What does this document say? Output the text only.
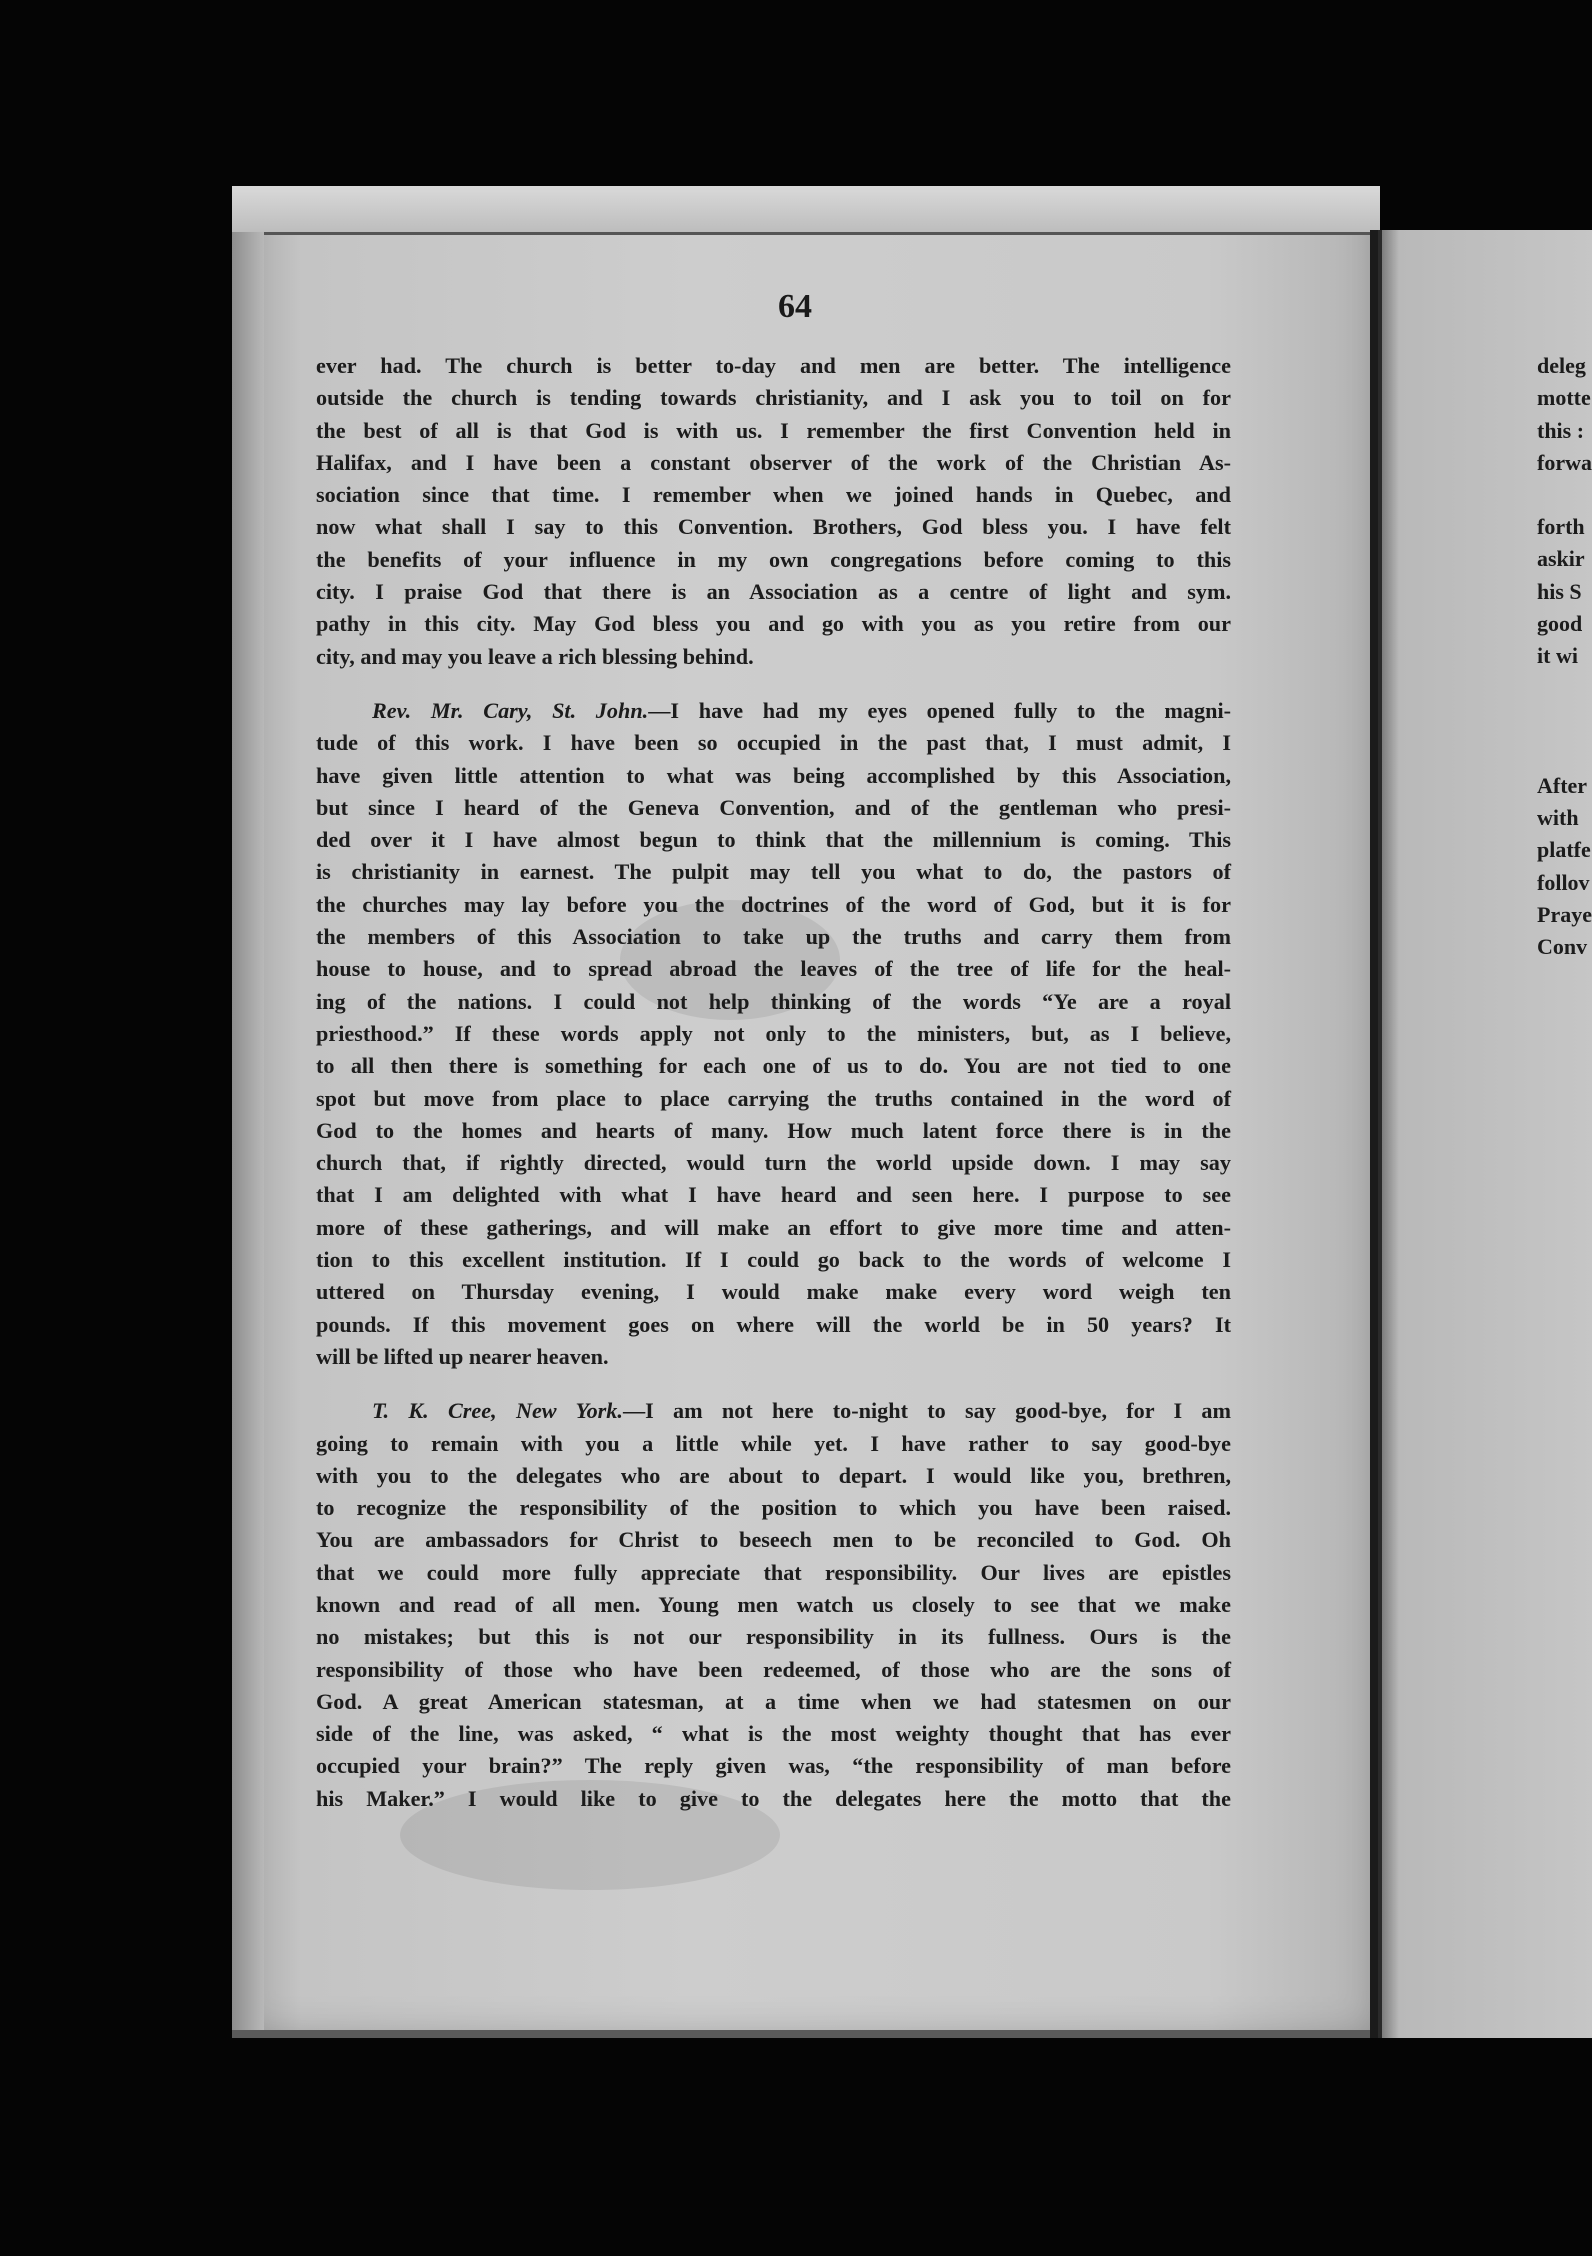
64
ever had. The church is better to-day and men are better. The intelligence
outside the church is tending towards christianity, and I ask you to toil on for
the best of all is that God is with us. I remember the first Convention held in
Halifax, and I have been a constant observer of the work of the Christian As-
sociation since that time. I remember when we joined hands in Quebec, and
now what shall I say to this Convention. Brothers, God bless you. I have felt
the benefits of your influence in my own congregations before coming to this
city. I praise God that there is an Association as a centre of light and sym.
pathy in this city. May God bless you and go with you as you retire from our
city, and may you leave a rich blessing behind.
Rev. Mr. Cary, St. John.—I have had my eyes opened fully to the magni-
tude of this work. I have been so occupied in the past that, I must admit, I
have given little attention to what was being accomplished by this Association,
but since I heard of the Geneva Convention, and of the gentleman who presi-
ded over it I have almost begun to think that the millennium is coming. This
is christianity in earnest. The pulpit may tell you what to do, the pastors of
the churches may lay before you the doctrines of the word of God, but it is for
the members of this Association to take up the truths and carry them from
house to house, and to spread abroad the leaves of the tree of life for the heal-
ing of the nations. I could not help thinking of the words “Ye are a royal
priesthood.” If these words apply not only to the ministers, but, as I believe,
to all then there is something for each one of us to do. You are not tied to one
spot but move from place to place carrying the truths contained in the word of
God to the homes and hearts of many. How much latent force there is in the
church that, if rightly directed, would turn the world upside down. I may say
that I am delighted with what I have heard and seen here. I purpose to see
more of these gatherings, and will make an effort to give more time and atten-
tion to this excellent institution. If I could go back to the words of welcome I
uttered on Thursday evening, I would make make every word weigh ten
pounds. If this movement goes on where will the world be in 50 years? It
will be lifted up nearer heaven.
T. K. Cree, New York.—I am not here to-night to say good-bye, for I am
going to remain with you a little while yet. I have rather to say good-bye
with you to the delegates who are about to depart. I would like you, brethren,
to recognize the responsibility of the position to which you have been raised.
You are ambassadors for Christ to beseech men to be reconciled to God. Oh
that we could more fully appreciate that responsibility. Our lives are epistles
known and read of all men. Young men watch us closely to see that we make
no mistakes; but this is not our responsibility in its fullness. Ours is the
responsibility of those who have been redeemed, of those who are the sons of
God. A great American statesman, at a time when we had statesmen on our
side of the line, was asked, “ what is the most weighty thought that has ever
occupied your brain?” The reply given was, “the responsibility of man before
his Maker.” I would like to give to the delegates here the motto that the
deleg
motte
this :
forwa
forth
askir
his S
good
it wi
After
with
platfe
follov
Praye
Conv
